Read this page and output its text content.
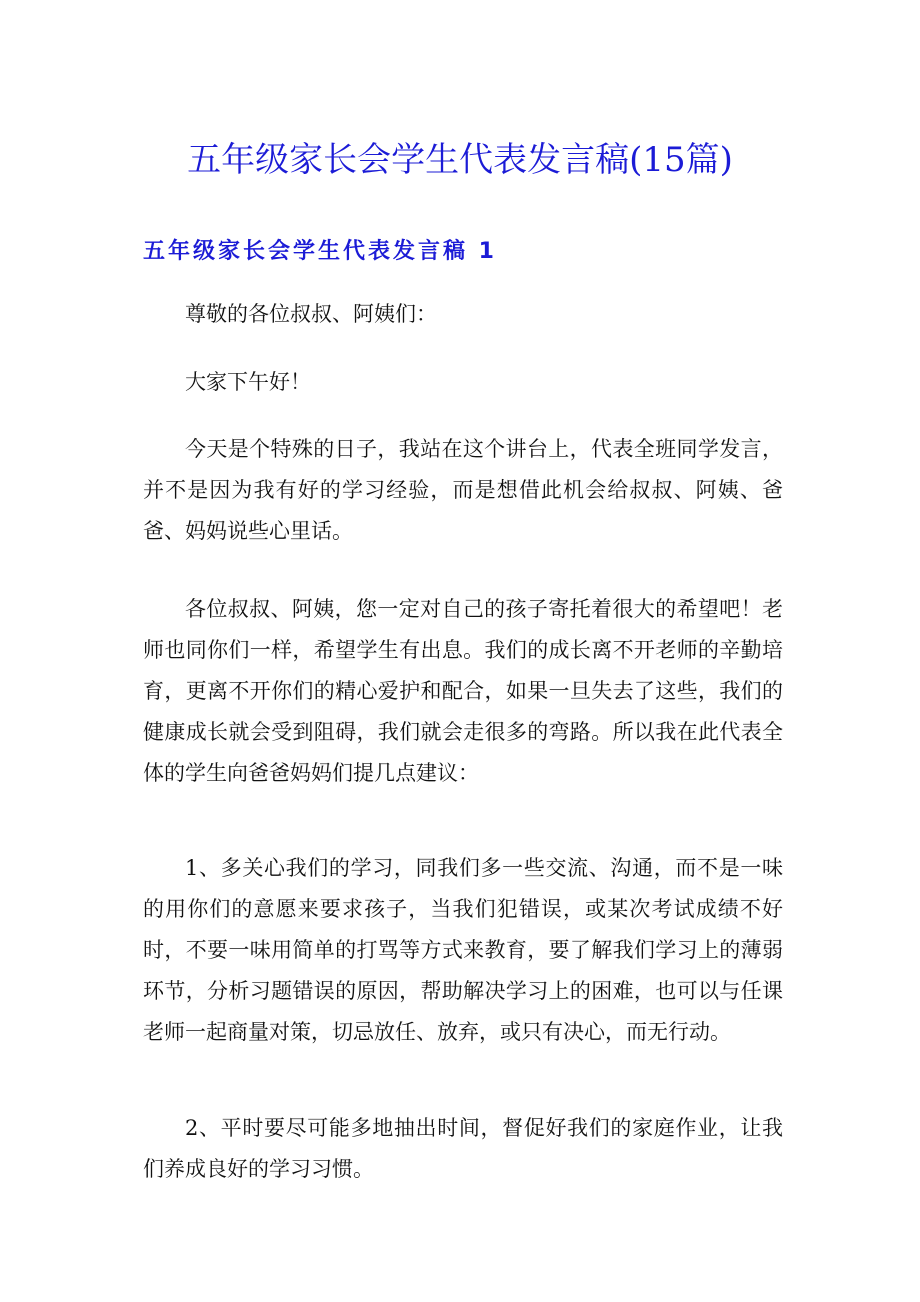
五年级家长会学生代表发言稿(15篇)
五年级家长会学生代表发言稿 1

尊敬的各位叔叔、阿姨们：

大家下午好！

今天是个特殊的日子，我站在这个讲台上，代表全班同学发言，并不是因为我有好的学习经验，而是想借此机会给叔叔、阿姨、爸爸、妈妈说些心里话。

各位叔叔、阿姨，您一定对自己的孩子寄托着很大的希望吧！老师也同你们一样，希望学生有出息。我们的成长离不开老师的辛勤培育，更离不开你们的精心爱护和配合，如果一旦失去了这些，我们的健康成长就会受到阻碍，我们就会走很多的弯路。所以我在此代表全体的学生向爸爸妈妈们提几点建议：

1、多关心我们的学习，同我们多一些交流、沟通，而不是一味的用你们的意愿来要求孩子，当我们犯错误，或某次考试成绩不好时，不要一味用简单的打骂等方式来教育，要了解我们学习上的薄弱环节，分析习题错误的原因，帮助解决学习上的困难，也可以与任课老师一起商量对策，切忌放任、放弃，或只有决心，而无行动。

2、平时要尽可能多地抽出时间，督促好我们的家庭作业，让我们养成良好的学习习惯。
